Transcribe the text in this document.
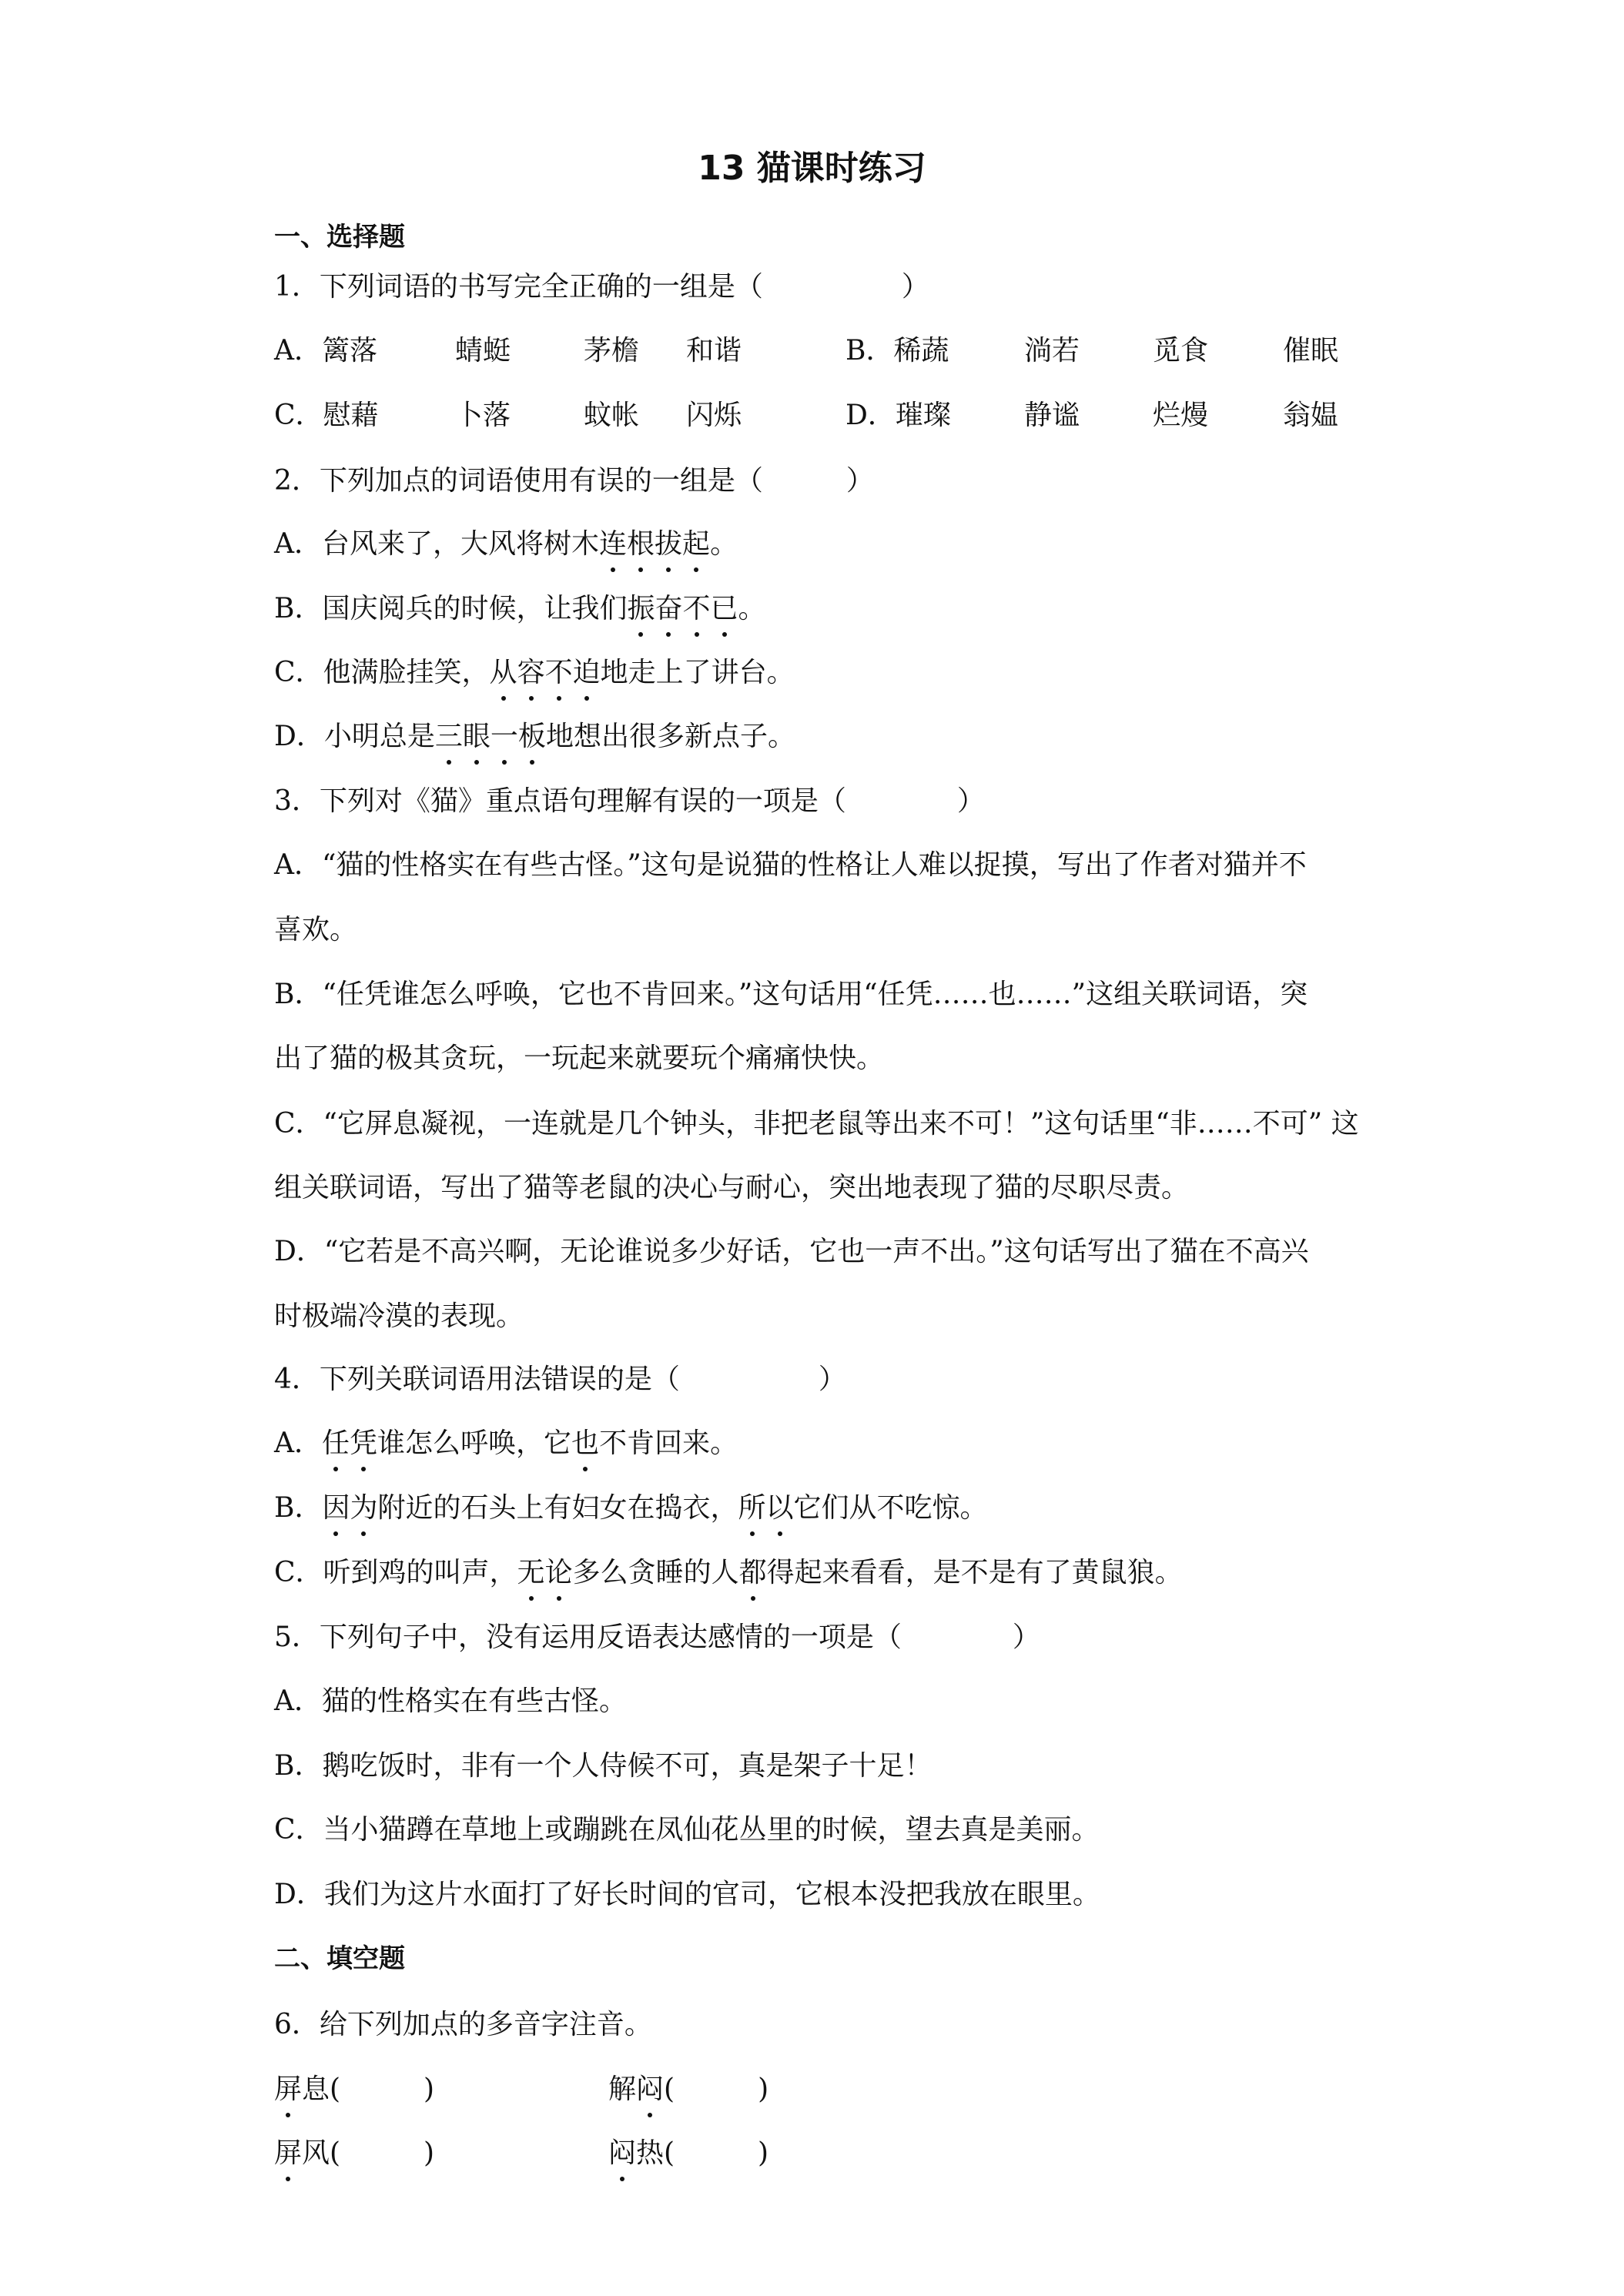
13 猫课时练习
一、选择题
1．下列词语的书写完全正确的一组是（　　　　　）
A．篱落	蜻蜓	茅檐 和谐	B．稀蔬	淌若	觅食	催眠
C．慰藉	卜落	蚊帐 闪烁	D．璀璨	静谧	烂熳	翁媪
2．下列加点的词语使用有误的一组是（　　　）
A．台风来了，大风将树木连根拔起。
B．国庆阅兵的时候，让我们振奋不已。
C．他满脸挂笑，从容不迫地走上了讲台。
D．小明总是三眼一板地想出很多新点子。
3．下列对《猫》重点语句理解有误的一项是（　　　　）
A．“猫的性格实在有些古怪。”这句是说猫的性格让人难以捉摸，写出了作者对猫并不
喜欢。
B．“任凭谁怎么呼唤，它也不肯回来。”这句话用“任凭……也……”这组关联词语，突
出了猫的极其贪玩，一玩起来就要玩个痛痛快快。
C．“它屏息凝视，一连就是几个钟头，非把老鼠等出来不可！”这句话里“非……不可” 这
组关联词语，写出了猫等老鼠的决心与耐心，突出地表现了猫的尽职尽责。
D．“它若是不高兴啊，无论谁说多少好话，它也一声不出。”这句话写出了猫在不高兴
时极端冷漠的表现。
4．下列关联词语用法错误的是（　　　　　）
A．任凭谁怎么呼唤，它也不肯回来。
B．因为附近的石头上有妇女在捣衣，所以它们从不吃惊。
C．听到鸡的叫声，无论多么贪睡的人都得起来看看，是不是有了黄鼠狼。
5．下列句子中，没有运用反语表达感情的一项是（　　　　）
A．猫的性格实在有些古怪。
B．鹅吃饭时，非有一个人侍候不可，真是架子十足！
C．当小猫蹲在草地上或蹦跳在凤仙花丛里的时候，望去真是美丽。
D．我们为这片水面打了好长时间的官司，它根本没把我放在眼里。
二、填空题
6．给下列加点的多音字注音。
屏息(　　　)	解闷(　　　)
屏风(　　　)	闷热(　　　)
